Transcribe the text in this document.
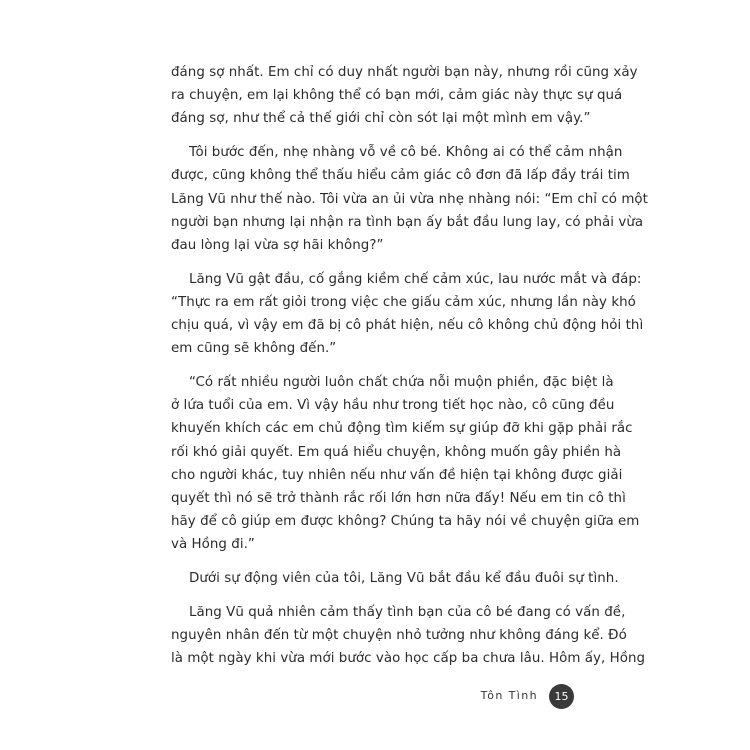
đáng sợ nhất. Em chỉ có duy nhất người bạn này, nhưng rồi cũng xảy
ra chuyện, em lại không thể có bạn mới, cảm giác này thực sự quá
đáng sợ, như thể cả thế giới chỉ còn sót lại một mình em vậy.”
Tôi bước đến, nhẹ nhàng vỗ về cô bé. Không ai có thể cảm nhận
được, cũng không thể thấu hiểu cảm giác cô đơn đã lấp đầy trái tim
Lăng Vũ như thế nào. Tôi vừa an ủi vừa nhẹ nhàng nói: “Em chỉ có một
người bạn nhưng lại nhận ra tình bạn ấy bắt đầu lung lay, có phải vừa
đau lòng lại vừa sợ hãi không?”
Lăng Vũ gật đầu, cố gắng kiềm chế cảm xúc, lau nước mắt và đáp:
“Thực ra em rất giỏi trong việc che giấu cảm xúc, nhưng lần này khó
chịu quá, vì vậy em đã bị cô phát hiện, nếu cô không chủ động hỏi thì
em cũng sẽ không đến.”
“Có rất nhiều người luôn chất chứa nỗi muộn phiền, đặc biệt là
ở lứa tuổi của em. Vì vậy hầu như trong tiết học nào, cô cũng đều
khuyến khích các em chủ động tìm kiếm sự giúp đỡ khi gặp phải rắc
rối khó giải quyết. Em quá hiểu chuyện, không muốn gây phiền hà
cho người khác, tuy nhiên nếu như vấn đề hiện tại không được giải
quyết thì nó sẽ trở thành rắc rối lớn hơn nữa đấy! Nếu em tin cô thì
hãy để cô giúp em được không? Chúng ta hãy nói về chuyện giữa em
và Hồng đi.”
Dưới sự động viên của tôi, Lăng Vũ bắt đầu kể đầu đuôi sự tình.
Lăng Vũ quả nhiên cảm thấy tình bạn của cô bé đang có vấn đề,
nguyên nhân đến từ một chuyện nhỏ tưởng như không đáng kể. Đó
là một ngày khi vừa mới bước vào học cấp ba chưa lâu. Hôm ấy, Hồng
Tôn Tình	15
